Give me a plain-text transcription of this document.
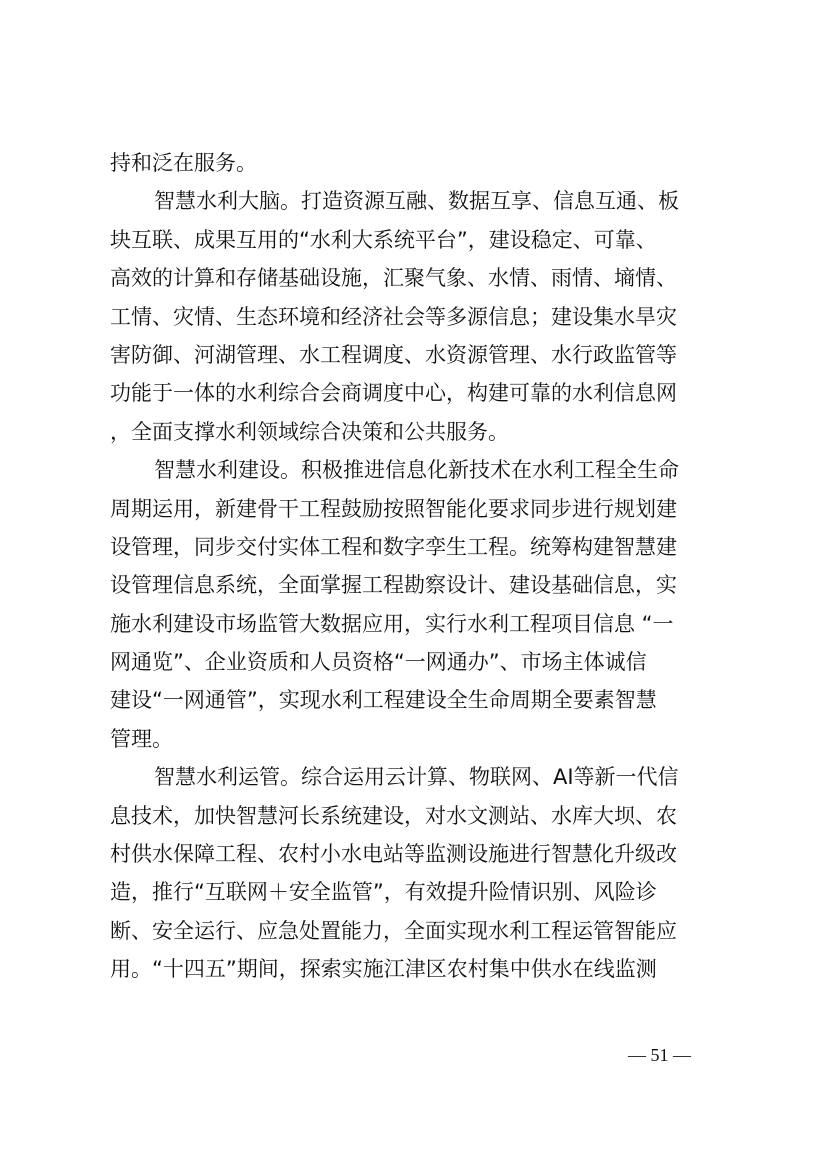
持和泛在服务。
智慧水利大脑。打造资源互融、数据互享、信息互通、板
块互联、成果互用的“水利大系统平台”，建设稳定、可靠、
高效的计算和存储基础设施，汇聚气象、水情、雨情、墒情、
工情、灾情、生态环境和经济社会等多源信息；建设集水旱灾
害防御、河湖管理、水工程调度、水资源管理、水行政监管等
功能于一体的水利综合会商调度中心，构建可靠的水利信息网
，全面支撑水利领域综合决策和公共服务。
智慧水利建设。积极推进信息化新技术在水利工程全生命
周期运用，新建骨干工程鼓励按照智能化要求同步进行规划建
设管理，同步交付实体工程和数字孪生工程。统筹构建智慧建
设管理信息系统，全面掌握工程勘察设计、建设基础信息，实
施水利建设市场监管大数据应用，实行水利工程项目信息 “一
网通览”、企业资质和人员资格“一网通办”、市场主体诚信
建设“一网通管”，实现水利工程建设全生命周期全要素智慧
管理。
智慧水利运管。综合运用云计算、物联网、AI等新一代信
息技术，加快智慧河长系统建设，对水文测站、水库大坝、农
村供水保障工程、农村小水电站等监测设施进行智慧化升级改
造，推行“互联网＋安全监管”，有效提升险情识别、风险诊
断、安全运行、应急处置能力，全面实现水利工程运管智能应
用。“十四五”期间，探索实施江津区农村集中供水在线监测
— 51 —
